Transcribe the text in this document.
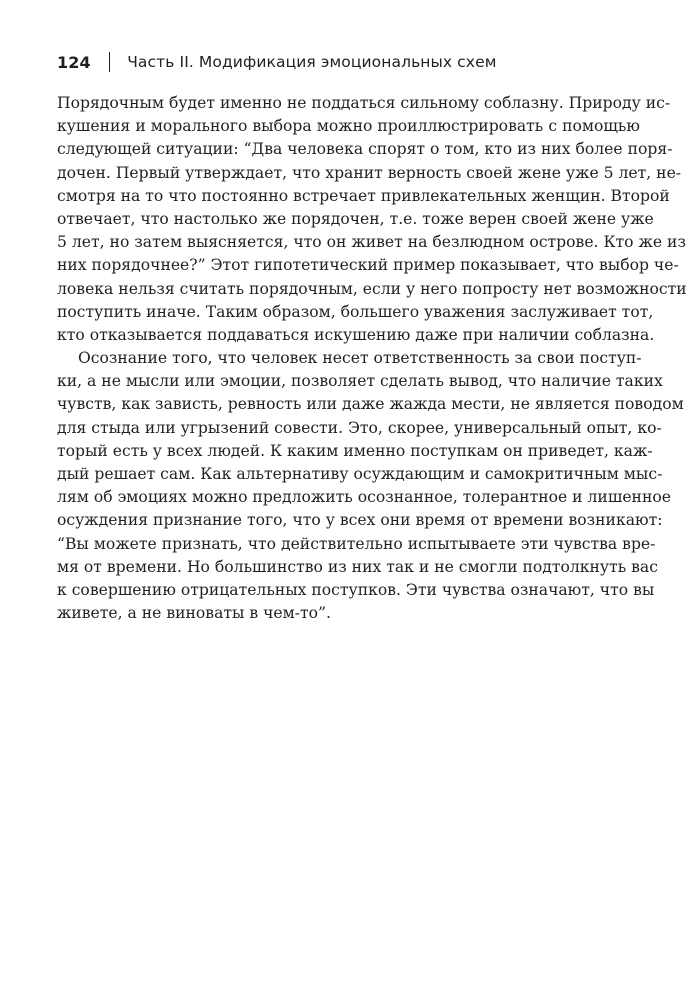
124 Часть II. Модификация эмоциональных схем

Порядочным будет именно не поддаться сильному соблазну. Природу ис-
кушения и морального выбора можно проиллюстрировать с помощью
следующей ситуации: “Два человека спорят о том, кто из них более поря-
дочен. Первый утверждает, что хранит верность своей жене уже 5 лет, не-
смотря на то что постоянно встречает привлекательных женщин. Второй
отвечает, что настолько же порядочен, т.е. тоже верен своей жене уже
5 лет, но затем выясняется, что он живет на безлюдном острове. Кто же из
них порядочнее?” Этот гипотетический пример показывает, что выбор че-
ловека нельзя считать порядочным, если у него попросту нет возможности
поступить иначе. Таким образом, большего уважения заслуживает тот,
кто отказывается поддаваться искушению даже при наличии соблазна.

Осознание того, что человек несет ответственность за свои поступ-
ки, а не мысли или эмоции, позволяет сделать вывод, что наличие таких
чувств, как зависть, ревность или даже жажда мести, не является поводом
для стыда или угрызений совести. Это, скорее, универсальный опыт, ко-
торый есть у всех людей. К каким именно поступкам он приведет, каж-
дый решает сам. Как альтернативу осуждающим и самокритичным мыс-
лям об эмоциях можно предложить осознанное, толерантное и лишенное
осуждения признание того, что у всех они время от времени возникают:
“Вы можете признать, что действительно испытываете эти чувства вре-
мя от времени. Но большинство из них так и не смогли подтолкнуть вас
к совершению отрицательных поступков. Эти чувства означают, что вы
живете, а не виноваты в чем-то”.
